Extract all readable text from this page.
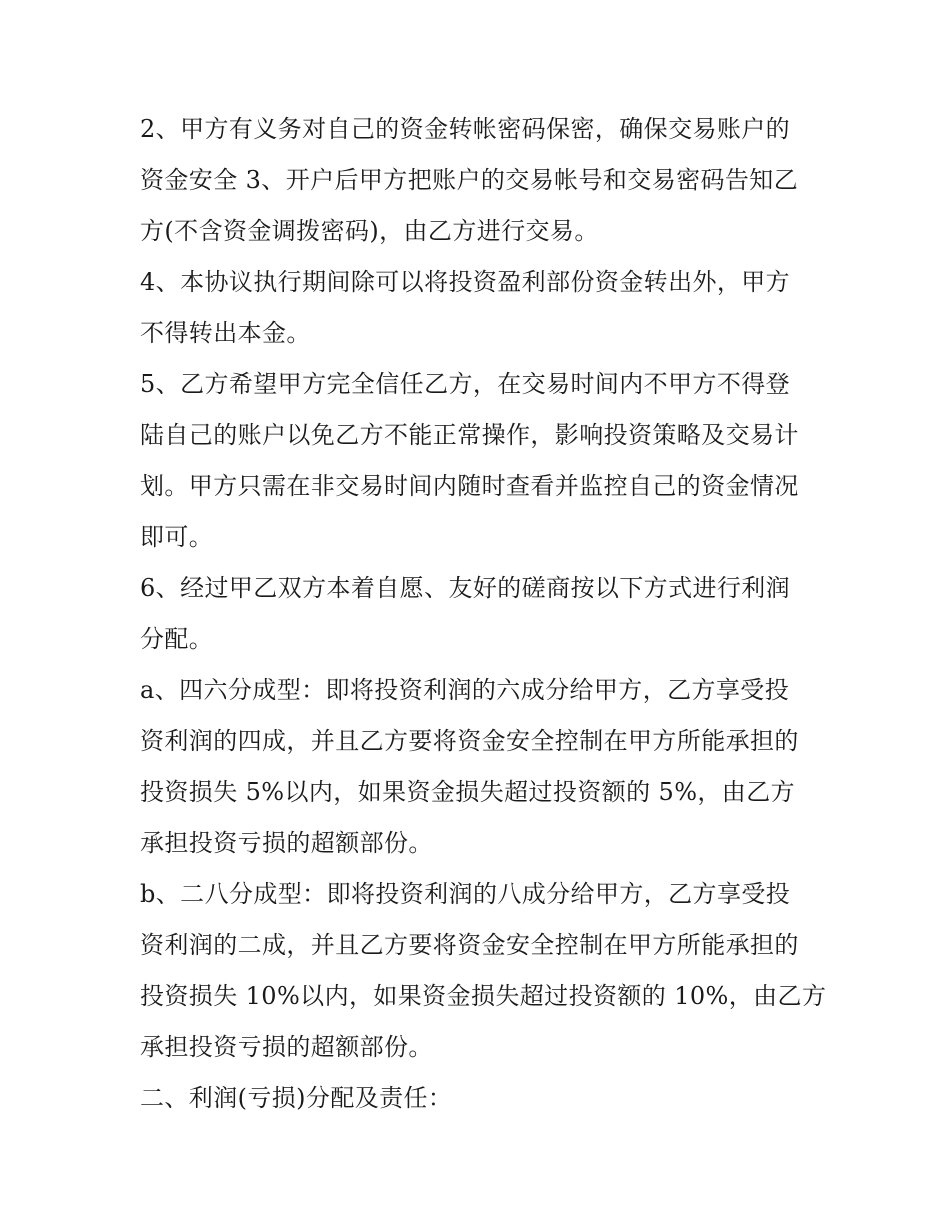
2、甲方有义务对自己的资金转帐密码保密，确保交易账户的
资金安全 3、开户后甲方把账户的交易帐号和交易密码告知乙
方(不含资金调拨密码)，由乙方进行交易。
4、本协议执行期间除可以将投资盈利部份资金转出外，甲方
不得转出本金。
5、乙方希望甲方完全信任乙方，在交易时间内不甲方不得登
陆自己的账户以免乙方不能正常操作，影响投资策略及交易计
划。甲方只需在非交易时间内随时查看并监控自己的资金情况
即可。
6、经过甲乙双方本着自愿、友好的磋商按以下方式进行利润
分配。
a、四六分成型：即将投资利润的六成分给甲方，乙方享受投
资利润的四成，并且乙方要将资金安全控制在甲方所能承担的
投资损失 5%以内，如果资金损失超过投资额的 5%，由乙方
承担投资亏损的超额部份。
b、二八分成型：即将投资利润的八成分给甲方，乙方享受投
资利润的二成，并且乙方要将资金安全控制在甲方所能承担的
投资损失 10%以内，如果资金损失超过投资额的 10%，由乙方
承担投资亏损的超额部份。
二、利润(亏损)分配及责任：
